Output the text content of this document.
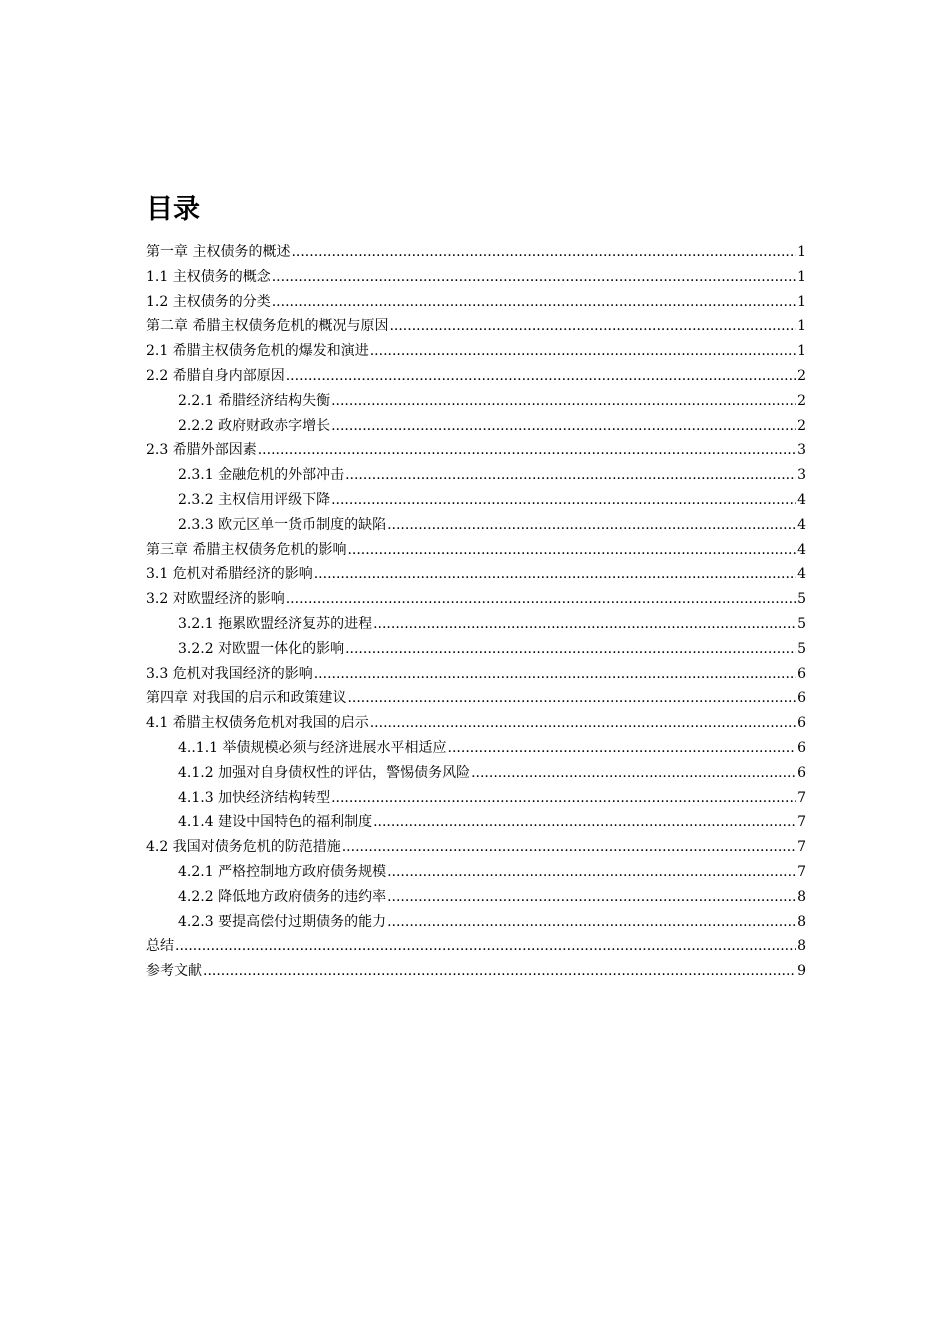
目录
第一章 主权债务的概述 .....	1
1.1 主权债务的概念 .....	1
1.2 主权债务的分类 .....	1
第二章 希腊主权债务危机的概况与原因 .....	1
2.1 希腊主权债务危机的爆发和演进 .....	1
2.2 希腊自身内部原因 .....	2
2.2.1 希腊经济结构失衡 .....	2
2.2.2 政府财政赤字增长 .....	2
2.3 希腊外部因素 .....	3
2.3.1 金融危机的外部冲击 .....	3
2.3.2 主权信用评级下降 .....	4
2.3.3 欧元区单一货币制度的缺陷 .....	4
第三章 希腊主权债务危机的影响 .....	4
3.1 危机对希腊经济的影响 .....	4
3.2 对欧盟经济的影响 .....	5
3.2.1 拖累欧盟经济复苏的进程 .....	5
3.2.2 对欧盟一体化的影响 .....	5
3.3 危机对我国经济的影响 .....	6
第四章 对我国的启示和政策建议 .....	6
4.1 希腊主权债务危机对我国的启示 .....	6
4..1.1 举债规模必须与经济进展水平相适应 .....	6
4.1.2 加强对自身债权性的评估，警惕债务风险 .....	6
4.1.3 加快经济结构转型 .....	7
4.1.4 建设中国特色的福利制度 .....	7
4.2 我国对债务危机的防范措施 .....	7
4.2.1 严格控制地方政府债务规模 .....	7
4.2.2 降低地方政府债务的违约率 .....	8
4.2.3 要提高偿付过期债务的能力 .....	8
总结 .....	8
参考文献 .....	9
